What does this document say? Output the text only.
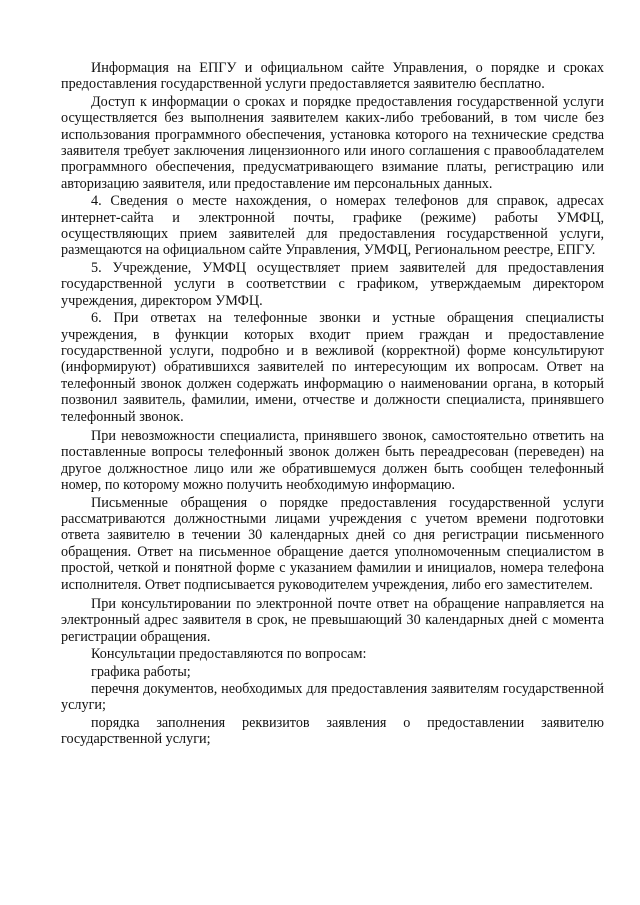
Информация на ЕПГУ и официальном сайте Управления, о порядке и сроках предоставления государственной услуги предоставляется заявителю бесплатно.

Доступ к информации о сроках и порядке предоставления государственной услуги осуществляется без выполнения заявителем каких-либо требований, в том числе без использования программного обеспечения, установка которого на технические средства заявителя требует заключения лицензионного или иного соглашения с правообладателем программного обеспечения, предусматривающего взимание платы, регистрацию или авторизацию заявителя, или предоставление им персональных данных.

4. Сведения о месте нахождения, о номерах телефонов для справок, адресах интернет-сайта и электронной почты, графике (режиме) работы УМФЦ, осуществляющих прием заявителей для предоставления государственной услуги, размещаются на официальном сайте Управления, УМФЦ, Региональном реестре, ЕПГУ.

5. Учреждение, УМФЦ осуществляет прием заявителей для предоставления государственной услуги в соответствии с графиком, утверждаемым директором учреждения, директором УМФЦ.

6. При ответах на телефонные звонки и устные обращения специалисты учреждения, в функции которых входит прием граждан и предоставление государственной услуги, подробно и в вежливой (корректной) форме консультируют (информируют) обратившихся заявителей по интересующим их вопросам. Ответ на телефонный звонок должен содержать информацию о наименовании органа, в который позвонил заявитель, фамилии, имени, отчестве и должности специалиста, принявшего телефонный звонок.

При невозможности специалиста, принявшего звонок, самостоятельно ответить на поставленные вопросы телефонный звонок должен быть переадресован (переведен) на другое должностное лицо или же обратившемуся должен быть сообщен телефонный номер, по которому можно получить необходимую информацию.

Письменные обращения о порядке предоставления государственной услуги рассматриваются должностными лицами учреждения с учетом времени подготовки ответа заявителю в течении 30 календарных дней со дня регистрации письменного обращения. Ответ на письменное обращение дается уполномоченным специалистом в простой, четкой и понятной форме с указанием фамилии и инициалов, номера телефона исполнителя. Ответ подписывается руководителем учреждения, либо его заместителем.

При консультировании по электронной почте ответ на обращение направляется на электронный адрес заявителя в срок, не превышающий 30 календарных дней с момента регистрации обращения.

Консультации предоставляются по вопросам:

графика работы;

перечня документов, необходимых для предоставления заявителям государственной услуги;

порядка заполнения реквизитов заявления о предоставлении заявителю государственной услуги;
